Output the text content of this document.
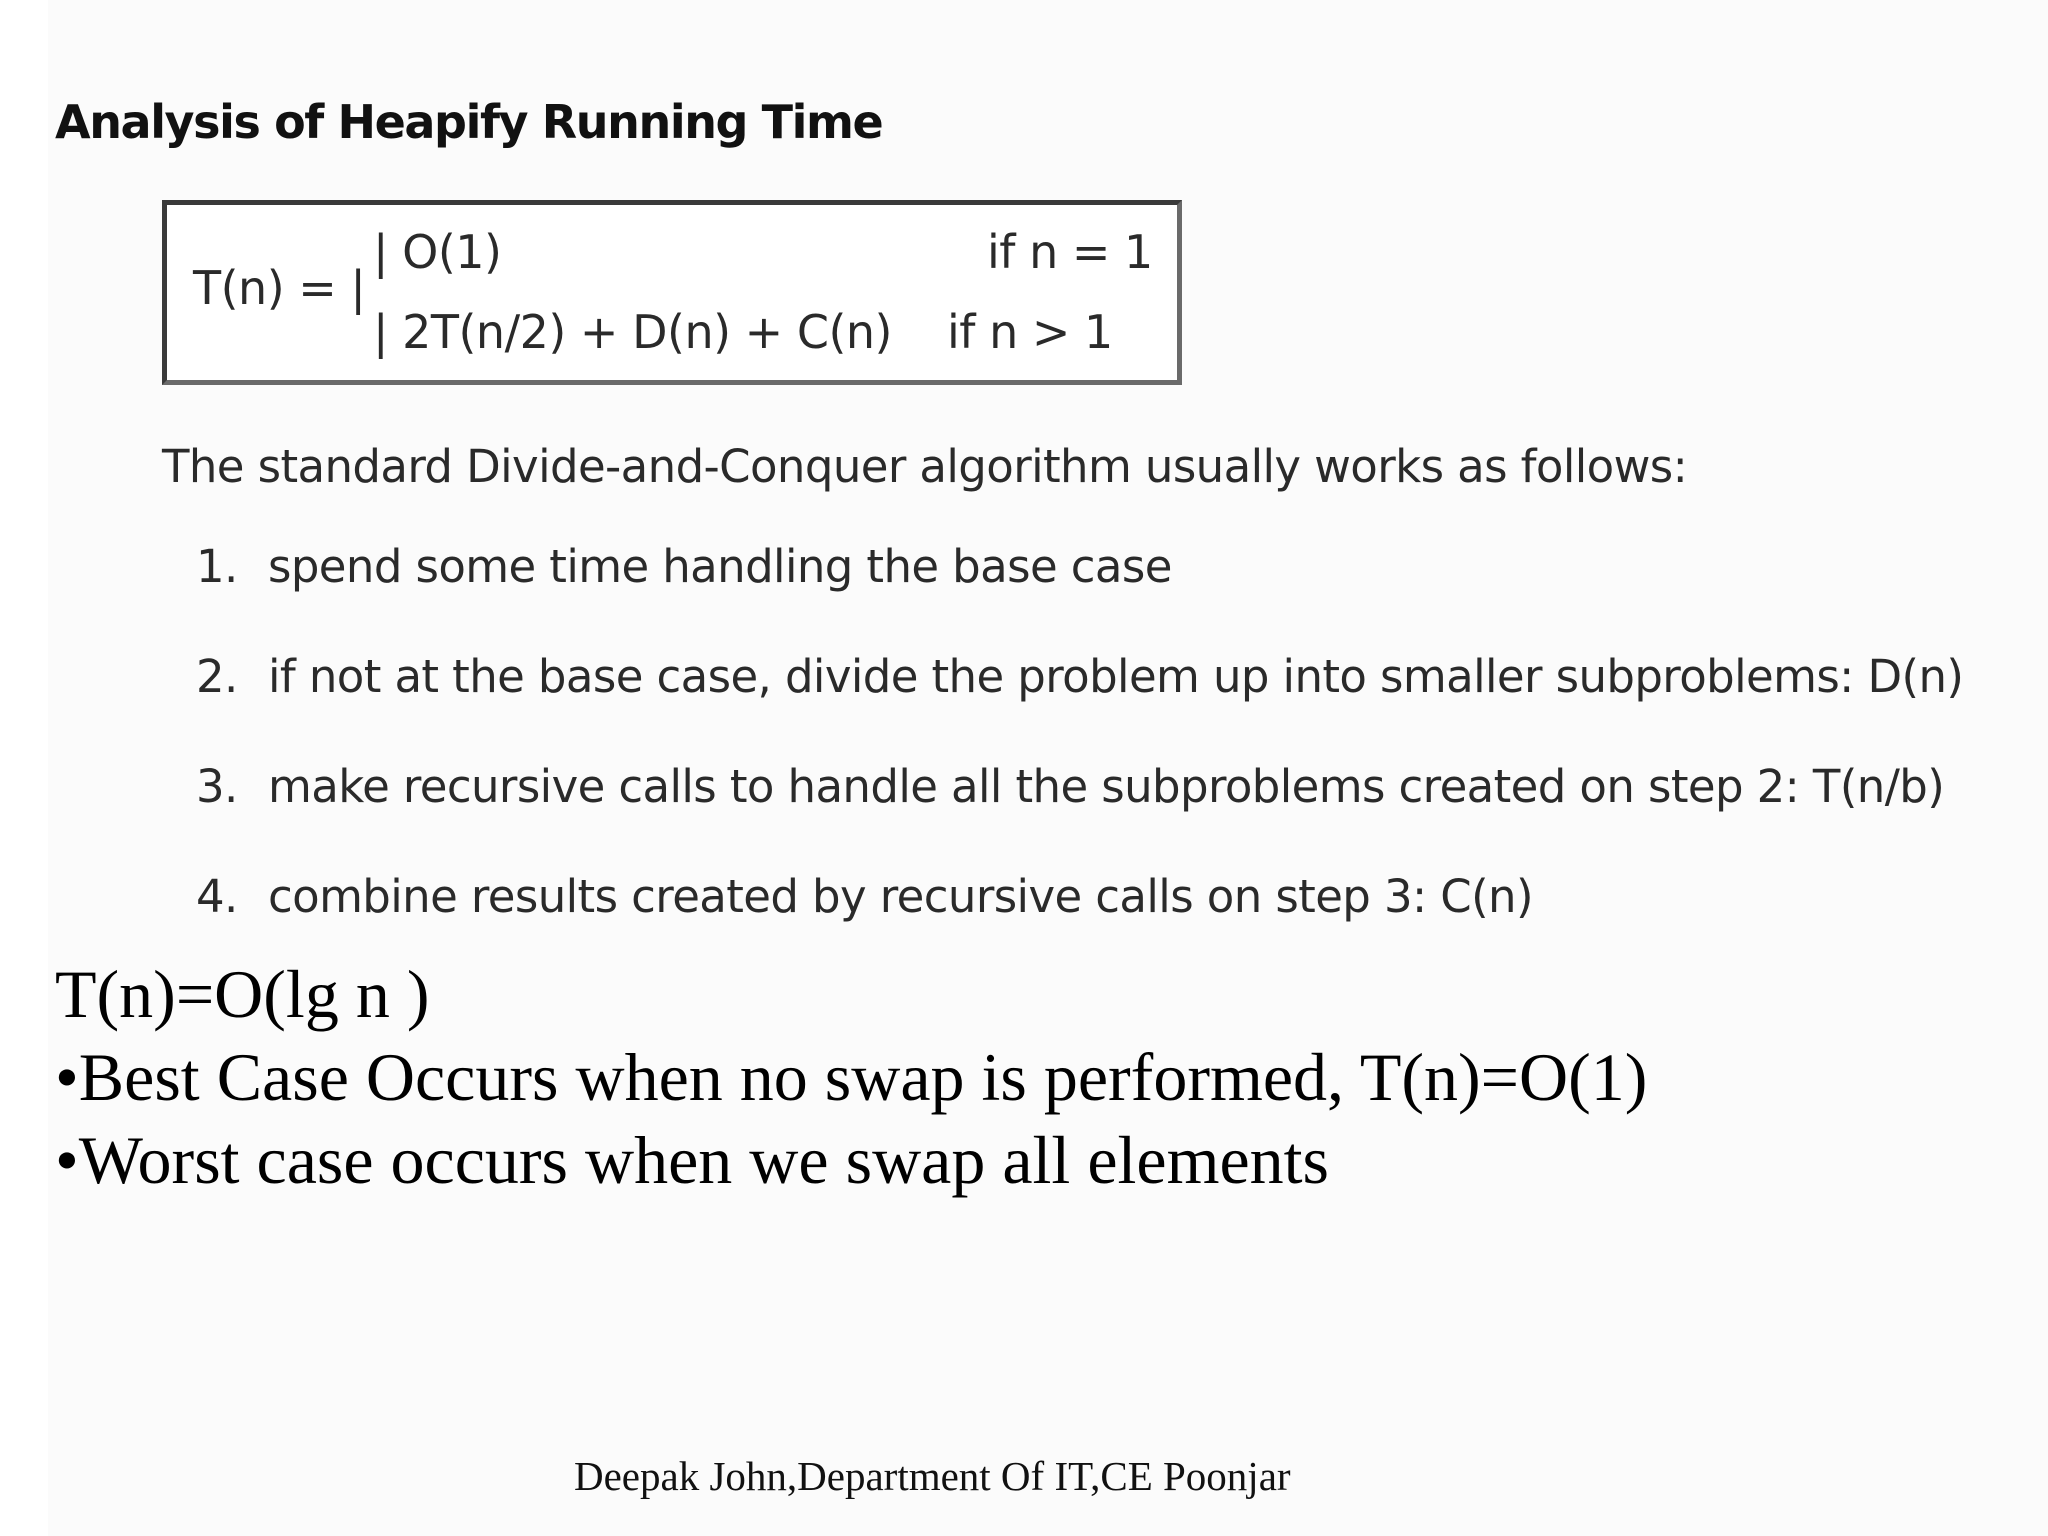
Analysis of Heapify Running Time
T(n) = |
| O(1)	if n = 1
| 2T(n/2) + D(n) + C(n) if n > 1
The standard Divide-and-Conquer algorithm usually works as follows:
1. spend some time handling the base case
2. if not at the base case, divide the problem up into smaller subproblems: D(n)
3. make recursive calls to handle all the subproblems created on step 2: T(n/b)
4. combine results created by recursive calls on step 3: C(n)
T(n)=O(lg n )
•Best Case Occurs when no swap is performed, T(n)=O(1)
•Worst case occurs when we swap all elements
Deepak John,Department Of IT,CE Poonjar
